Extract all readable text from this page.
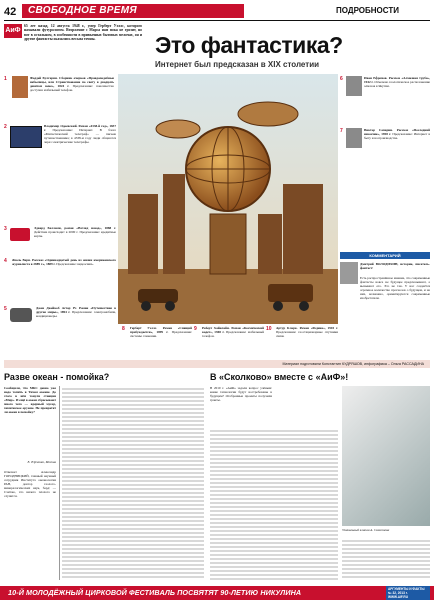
42	СВОБОДНОЕ ВРЕМЯ	ПОДРОБНОСТИ
АиФ
65 лет назад, 12 августа 1948 г., умер Герберт Уэллс, которого называли футурологом. Вторжение с Марса нам пока не грозит, но вот в остальном, в особенности в привычных бытовых мелочах, он и другие фантасты оказались весьма точны.	Это фантастика?
Интернет был предсказан в XIX столетии
1	Фаддей Булгарин. Сборник очерков «Правдоподобные небылицы, или Странствование по свету в двадцать девятом веке», 1824 г. Предсказание: повсеместно доступен мобильный телефон.
2	Владимир Одоевский. Роман «4338-й год», 1837 г. Предсказание: Интернет. В блоге «Магнетический телеграф» — письма путешественника; в 4338-м году люди общаются через электрические телеграфы.
3	Эдвард Беллами, роман «Взгляд назад», 1888 г. Действие происходит в 2000 г. Предсказание: кредитные карты.
4 Жюль Верн. Рассказ «Одиннадцатый день из жизни американского журналиста в 2889 г.», 1889 г. Предсказание: видеосвязь.
5	Джон Джейкоб Астор IV. Роман «Путешествие в другие миры», 1894 г. Предсказание: электромобили, кондиционеры.
6	Иван Ефремов. Рассказ «Алмазная труба», 1942 г. Отмечено геологическое расположение алмазов в Якутии.
7	Виктор Сапарин. Рассказ «Последний извозчик», 1958 г. Предсказание: Интернет в быту и на производстве.
КОММЕНТАРИЙ
Дмитрий ВОЛОДИХИН, историк, писатель-фантаст:
Есть распространённое мнение, что современные фантасты вовсе не будущее предсказывают, а вызывают его. Это не так. У нас создаётся огромное количество прогнозов о будущем, и на них, возможно, ориентируются современные изобретатели.
8 Герберт Уэллс. Роман «Спящий пробуждается», 1899 г. Предсказание: системы слежения.
9 Роберт Хайнлайн. Роман «Космический кадет», 1948 г. Предсказание: мобильный телефон.
10 Артур Кларк. Роман «Родина», 1945 г. Предсказание: геостационарные спутники связи.
Материал подготовили Константин КУДРЯШОВ, инфографика – Ольга РАССАДИНА
Разве океан - помойка?
Сообщили, что МКС давно уже надо топить в Тихом океане. До этого в нём тонули станции «Мир». И ещё в океан сбрасывают много чего — ядерный мусор, химическое оружие. Не превратят ли океан в помойку?
Е. Юрченко, Москва
Отвечает Александр ГОРОДНИЦКИЙ, главный научный сотрудник Института океанологии РАН, доктор геолого-минералогических наук, бард: — Считаю, что ничего плохого не случится.
В «Сколково» вместе с «АиФ»!
В 2010 г. «АиФ» задали вопрос учёным: какие технологии будут востребованы в будущем? Отобранные проекты получили гранты.
Уникальный клапан А. Самсонова
10-Й МОЛОДЁЖНЫЙ ЦИРКОВОЙ ФЕСТИВАЛЬ ПОСВЯТЯТ 90-ЛЕТИЮ НИКУЛИНА	АРГУМЕНТЫ И ФАКТЫ
№ 32, 2013 г.
WWW.AIF.RU
